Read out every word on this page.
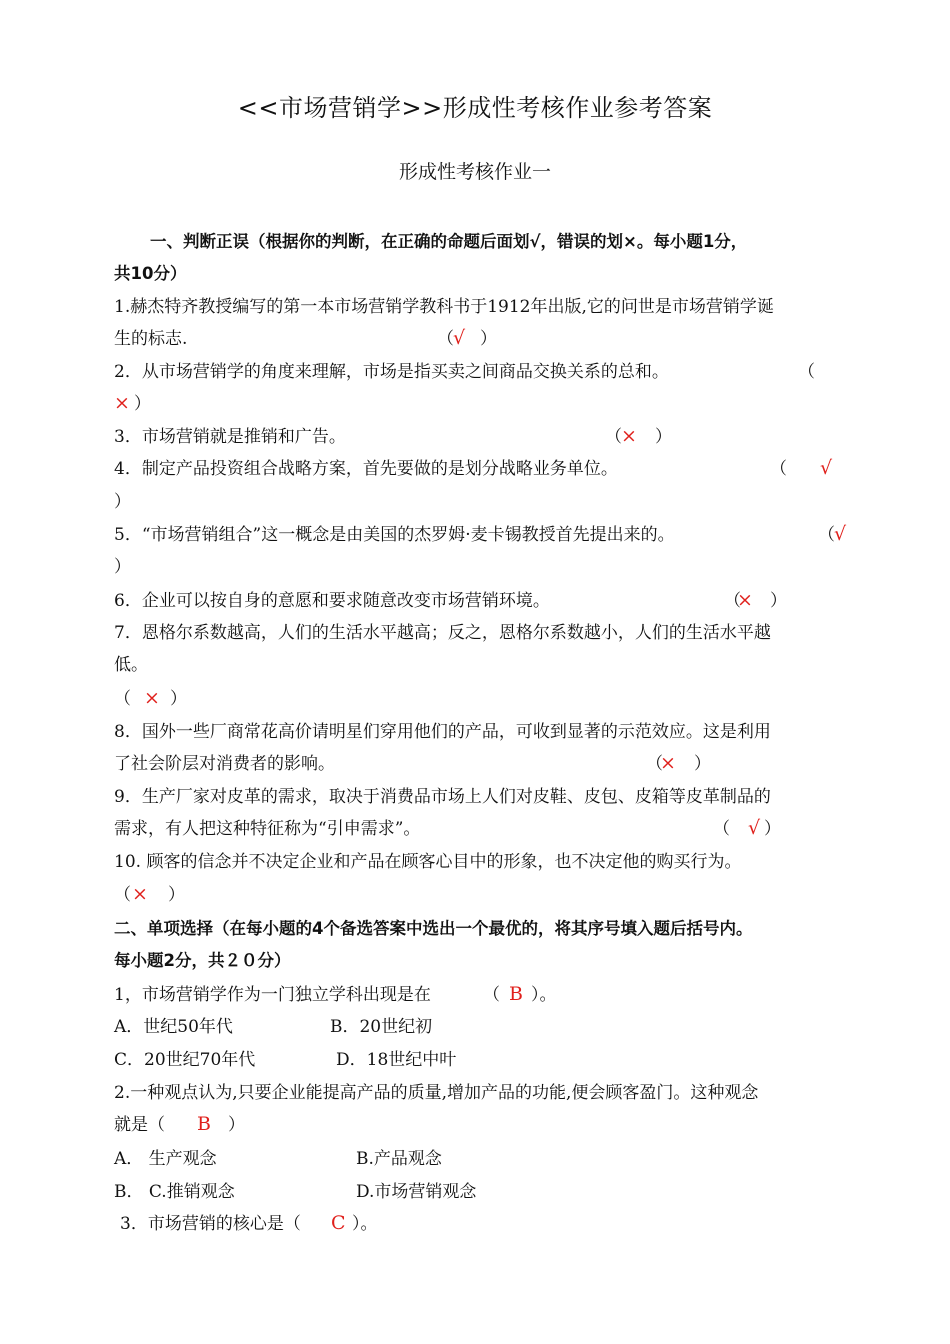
<<市场营销学>>形成性考核作业参考答案
形成性考核作业一
一、判断正误（根据你的判断，在正确的命题后面划√，错误的划×。每小题1分，
共10分）
1.赫杰特齐教授编写的第一本市场营销学教科书于1912年出版,它的问世是市场营销学诞
生的标志.	（ √ ）
2．从市场营销学的角度来理解，市场是指买卖之间商品交换关系的总和。	（
× ）
3．市场营销就是推销和广告。	（ × ）
4．制定产品投资组合战略方案，首先要做的是划分战略业务单位。	（ √
）
5．“市场营销组合”这一概念是由美国的杰罗姆·麦卡锡教授首先提出来的。	（ √
）
6．企业可以按自身的意愿和要求随意改变市场营销环境。	（
× ）
7．恩格尔系数越高，人们的生活水平越高；反之，恩格尔系数越小，人们的生活水平越
低。
（ × ）
8．国外一些厂商常花高价请明星们穿用他们的产品，可收到显著的示范效应。这是利用
了社会阶层对消费者的影响。	（
× ）
9．生产厂家对皮革的需求，取决于消费品市场上人们对皮鞋、皮包、皮箱等皮革制品的
需求，有人把这种特征称为“引申需求”。	（ √ ）
10. 顾客的信念并不决定企业和产品在顾客心目中的形象，也不决定他的购买行为。
（ × ）
二、单项选择（在每小题的4个备选答案中选出一个最优的，将其序号填入题后括号内。
每小题2分，共２０分）
1，市场营销学作为一门独立学科出现是在	（ B ）。
A．世纪50年代	B．20世纪初
C．20世纪70年代	D．18世纪中叶
2.一种观点认为,只要企业能提高产品的质量,增加产品的功能,便会顾客盈门。这种观念
就是（ B ）
A． 生产观念	B.产品观念
B． C.推销观念	D.市场营销观念
3．市场营销的核心是（ C ）。
